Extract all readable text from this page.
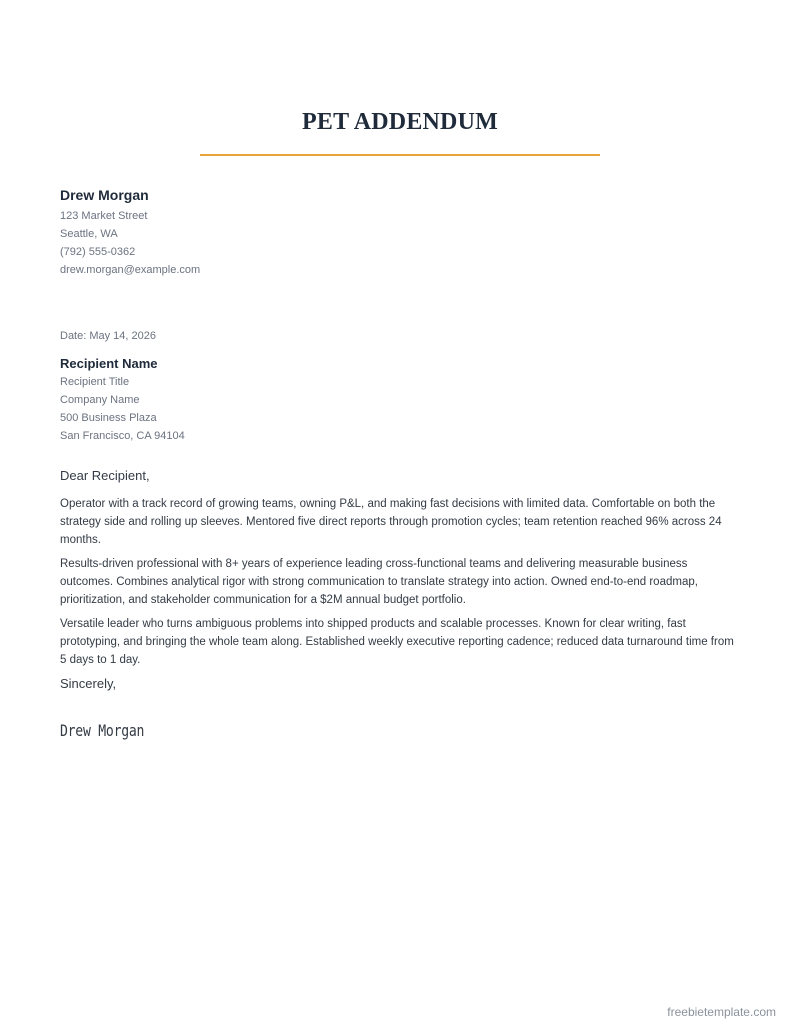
PET ADDENDUM
Drew Morgan
123 Market Street
Seattle, WA
(792) 555-0362
drew.morgan@example.com
Date: May 14, 2026
Recipient Name
Recipient Title
Company Name
500 Business Plaza
San Francisco, CA 94104
Dear Recipient,

Operator with a track record of growing teams, owning P&L, and making fast decisions with limited data. Comfortable on both the strategy side and rolling up sleeves. Mentored five direct reports through promotion cycles; team retention reached 96% across 24 months.

Results-driven professional with 8+ years of experience leading cross-functional teams and delivering measurable business outcomes. Combines analytical rigor with strong communication to translate strategy into action. Owned end-to-end roadmap, prioritization, and stakeholder communication for a $2M annual budget portfolio.

Versatile leader who turns ambiguous problems into shipped products and scalable processes. Known for clear writing, fast prototyping, and bringing the whole team along. Established weekly executive reporting cadence; reduced data turnaround time from 5 days to 1 day.

Sincerely,
Drew Morgan
freebietemplate.com
